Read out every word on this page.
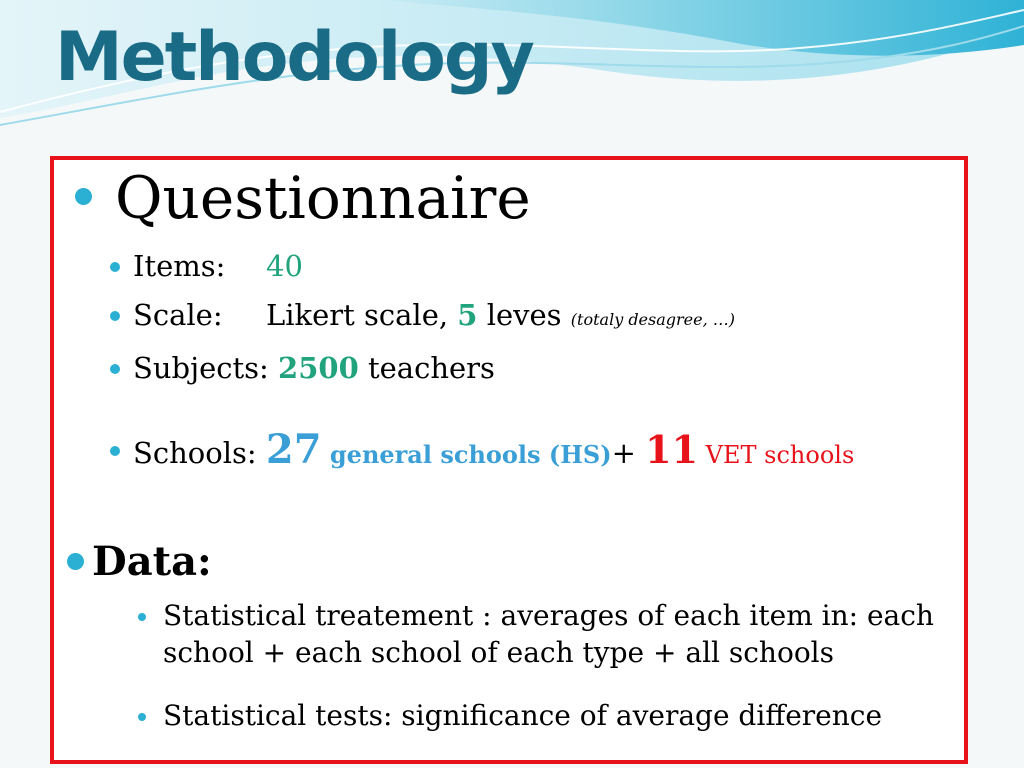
Methodology
Questionnaire
Items: 40
Scale: Likert scale, 5 leves (totaly desagree, …)
Subjects: 2500 teachers
Schools: 27 general schools (HS)+ 11 VET schools
Data:
Statistical treatement : averages of each item in: each school + each school of each type + all schools
Statistical tests: significance of average difference
